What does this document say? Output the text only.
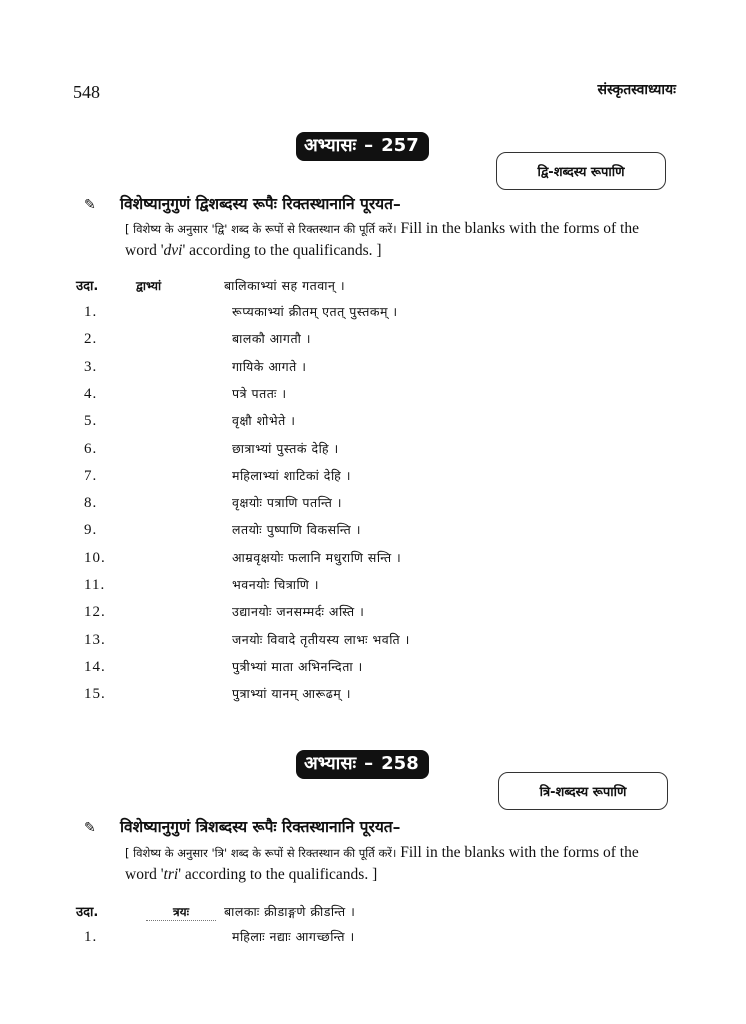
548	संस्कृतस्वाध्यायः
अभ्यासः – 257
द्वि-शब्दस्य रूपाणि
✎ विशेष्यानुगुणं द्विशब्दस्य रूपैः रिक्तस्थानानि पूरयत–
[ विशेष्य के अनुसार 'द्वि' शब्द के रूपों से रिक्तस्थान की पूर्ति करें। Fill in the blanks with the forms of the word 'dvi' according to the qualificands. ]
उदा.	द्वाभ्यां	बालिकाभ्यां सह गतवान् ।
1.	रूप्यकाभ्यां क्रीतम् एतत् पुस्तकम् ।
2.	बालकौ आगतौ ।
3.	गायिके आगते ।
4.	पत्रे पततः ।
5.	वृक्षौ शोभेते ।
6.	छात्राभ्यां पुस्तकं देहि ।
7.	महिलाभ्यां शाटिकां देहि ।
8.	वृक्षयोः पत्राणि पतन्ति ।
9.	लतयोः पुष्पाणि विकसन्ति ।
10.	आम्रवृक्षयोः फलानि मधुराणि सन्ति ।
11.	भवनयोः चित्राणि ।
12.	उद्यानयोः जनसम्मर्दः अस्ति ।
13.	जनयोः विवादे तृतीयस्य लाभः भवति ।
14.	पुत्रीभ्यां माता अभिनन्दिता ।
15.	पुत्राभ्यां यानम् आरूढम् ।
अभ्यासः – 258
त्रि-शब्दस्य रूपाणि
✎ विशेष्यानुगुणं त्रिशब्दस्य रूपैः रिक्तस्थानानि पूरयत–
[ विशेष्य के अनुसार 'त्रि' शब्द के रूपों से रिक्तस्थान की पूर्ति करें। Fill in the blanks with the forms of the word 'tri' according to the qualificands. ]
उदा.	त्रयः	बालकाः क्रीडाङ्गणे क्रीडन्ति ।
1.	महिलाः नद्याः आगच्छन्ति ।
